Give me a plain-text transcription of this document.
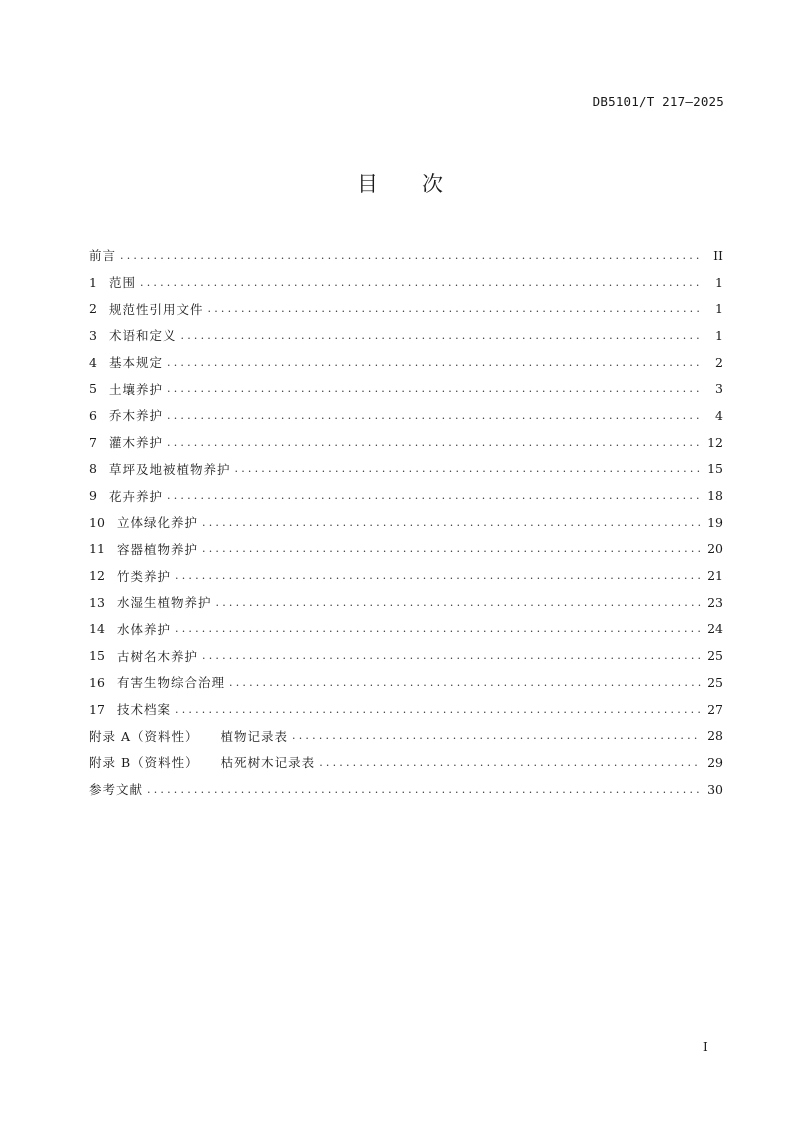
DB5101/T 217—2025
目 次
前言 .....	II
1 范围 .....	1
2 规范性引用文件 .....	1
3 术语和定义 .....	1
4 基本规定 .....	2
5 土壤养护 .....	3
6 乔木养护 .....	4
7 灌木养护 .....	12
8 草坪及地被植物养护 .....	15
9 花卉养护 .....	18
10 立体绿化养护 .....	19
11 容器植物养护 .....	20
12 竹类养护 .....	21
13 水湿生植物养护 .....	23
14 水体养护 .....	24
15 古树名木养护 .....	25
16 有害生物综合治理 .....	25
17 技术档案 .....	27
附录 A（资料性） 植物记录表 .....	28
附录 B（资料性） 枯死树木记录表 .....	29
参考文献 .....	30
I
